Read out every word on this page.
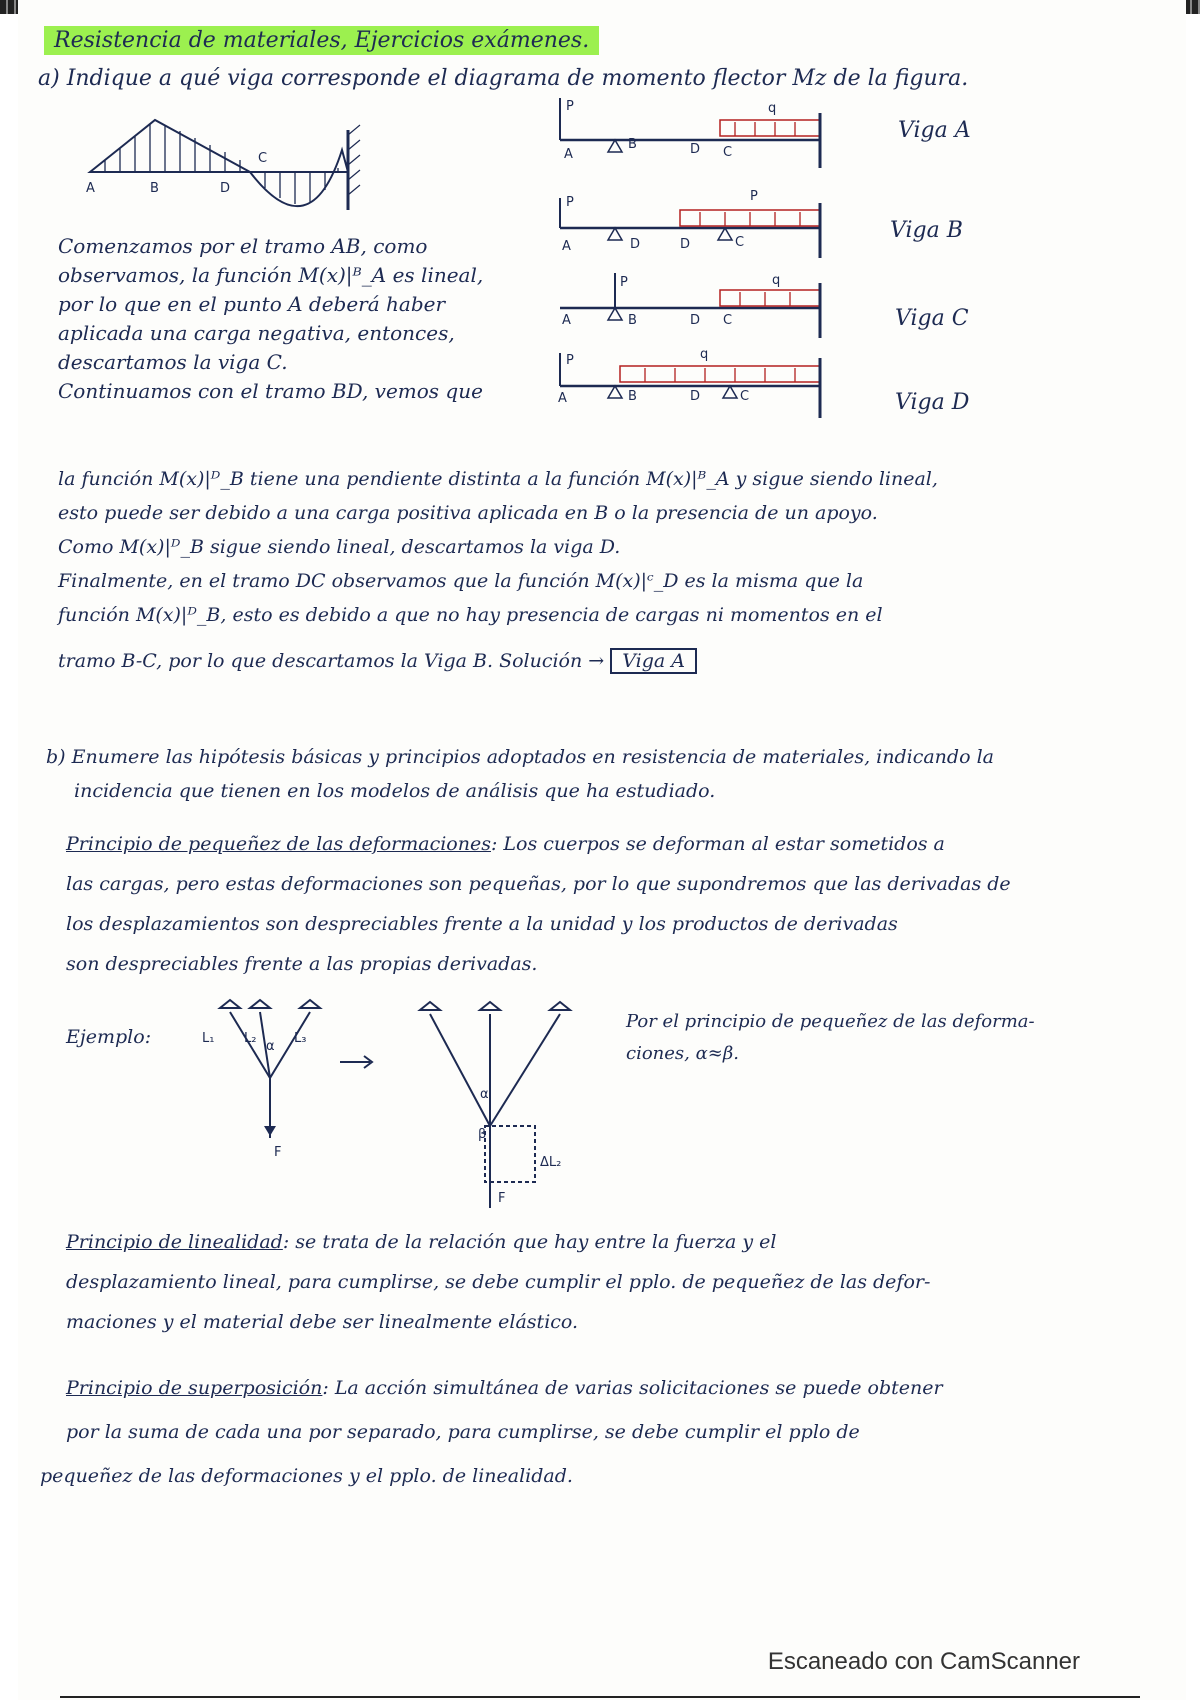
Resistencia de materiales, Ejercicios exámenes.
a) Indique a qué viga corresponde el diagrama de momento flector Mz de la figura.
A	B	D
C	A
B	D C
P	q
A	D	D	C
P	P
A	B	D C
P	q
A	B	D	C
P	q
Viga A
Viga B
Viga C
Viga D
Comenzamos por el tramo AB, como
observamos, la función M(x)|ᴮ_A es lineal,
por lo que en el punto A deberá haber
aplicada una carga negativa, entonces,
descartamos la viga C.
Continuamos con el tramo BD, vemos que
la función M(x)|ᴰ_B tiene una pendiente distinta a la función M(x)|ᴮ_A y sigue siendo lineal,
esto puede ser debido a una carga positiva aplicada en B o la presencia de un apoyo.
Como M(x)|ᴰ_B sigue siendo lineal, descartamos la viga D.
Finalmente, en el tramo DC observamos que la función M(x)|ᶜ_D es la misma que la
función M(x)|ᴰ_B, esto es debido a que no hay presencia de cargas ni momentos en el
tramo B-C, por lo que descartamos la Viga B. Solución → Viga A
b) Enumere las hipótesis básicas y principios adoptados en resistencia de materiales, indicando la
incidencia que tienen en los modelos de análisis que ha estudiado.
Principio de pequeñez de las deformaciones: Los cuerpos se deforman al estar sometidos a
las cargas, pero estas deformaciones son pequeñas, por lo que supondremos que las derivadas de
los desplazamientos son despreciables frente a la unidad y los productos de derivadas
son despreciables frente a las propias derivadas.
Ejemplo:	L₁ L₂	L₃
α
F
α
β
ΔL₂
F
Por el principio de pequeñez de las deforma-
ciones, α≈β.
Principio de linealidad: se trata de la relación que hay entre la fuerza y el
desplazamiento lineal, para cumplirse, se debe cumplir el pplo. de pequeñez de las defor-
maciones y el material debe ser linealmente elástico.
Principio de superposición: La acción simultánea de varias solicitaciones se puede obtener
por la suma de cada una por separado, para cumplirse, se debe cumplir el pplo de
pequeñez de las deformaciones y el pplo. de linealidad.
Escaneado con CamScanner
